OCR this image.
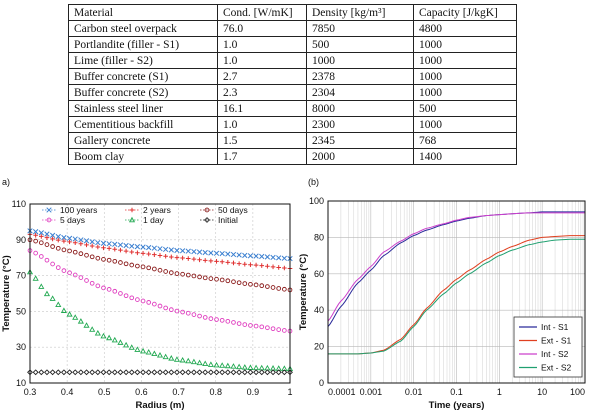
Material	Cond. [W/mK]	Density [kg/m³]	Capacity [J/kgK]
Carbon steel overpack	76.0	7850	4800
Portlandite (filler - S1)	1.0	500	1000
Lime (filler - S2)	1.0	1000	1000
Buffer concrete (S1)	2.7	2378	1000
Buffer concrete (S2)	2.3	2304	1000
Stainless steel liner	16.1	8000	500
Cementitious backfill	1.0	2300	1000
Gallery concrete	1.5	2345	768
Boom clay	1.7	2000	1400
0.3	0.4	0.5	0.6	0.7	0.8	0.9	1
10
30
50
70
90
110
100 years	2 years	50 days
5 days	1 day	Initial
a)
Radius (m)
Temperature (°C)
0.0001 0.001	0.01	0.1	1	10	100
0
20
40
60
80
100
Int - S1
Ext - S1
Int - S2
Ext - S2
(b)
Time (years)
Temperature (°C)
